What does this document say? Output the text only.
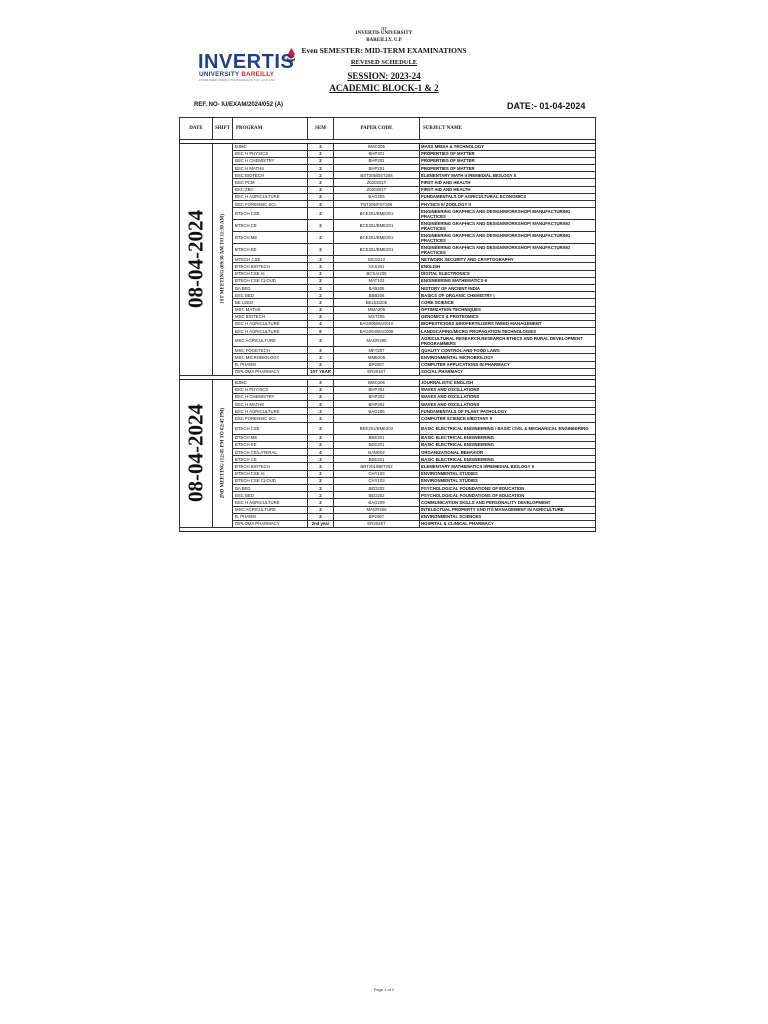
IIT
INVERTIS UNIVERSITY
BAREILLY, U.P
Even SEMESTER: MID-TERM EXAMINATIONS
REVISED SCHEDULE
SESSION: 2023-24
ACADEMIC BLOCK-1 & 2
INVERTIS
UNIVERSITY BAREILLY
ESTABLISHED UNDER UTTAR PRADESH ACT NO. 16 OF 2010
REF. NO- IU/EXAM/2024/052 (A)	DATE:- 01-04-2024
DATE	SHIFT	PROGRAM	SEM	PAPER CODE	SUBJECT NAME

08-04-2024	1ST MEETING (09:30 AM TO 11:30 AM)	BJMC	2	BMC205	MASS MEDIA & TECHNOLOGY
		BSC H PHYSICS	2	BHP201	PROPERTIES OF MATTER
		BSC H CHEMISTRY	2	BHP201	PROPERTIES OF MATTER
		BSC H MATHS	2	BHP201	PROPERTIES OF MATTER
		BSC BIOTECH	2	BST205/BST206	ELEMENTARY MATH II /REMEDIAL BIOLOGY II
		BSC PCM	2	Z020201T	FIRST AID AND HEALTH
		BSC ZBC	2	Z020201T	FIRST AID AND HEALTH
		BSC H AGRICULTURE	2	BAG205	FUNDAMENTALS OF AGRICULTURAL ECONOMICS
		BSC FORENSIC SCI.	2	FST205/FST206	PHYSICS II/ ZOOLOGY II
		BTECH CSE	2	BCE201/BME201	ENGINEERING GRAPHICS AND DESIGN/WORKSHOP/ MANUFACTURING PRACTICES
		BTECH CE	2	BCE201/BME201	ENGINEERING GRAPHICS AND DESIGN/WORKSHOP/ MANUFACTURING PRACTICES
		BTECH ME	2	BCE201/BME201	ENGINEERING GRAPHICS AND DESIGN/WORKSHOP/ MANUFACTURING PRACTICES
		BTECH EE	2	BCE201/BME201	ENGINEERING GRAPHICS AND DESIGN/WORKSHOP/ MANUFACTURING PRACTICES
		MTECH CSE	2	MCS213	NETWORK SECURITY AND CRYPTOGRAPHY
		BTECH BIOTECH	2	HAS201	ENGLISH
		BTECH CSE AI	2	BCSAI205	DIGITAL ELECTRONICS
		BTECH CSE CLOUD	2	MAT103	ENGINEERING MATHEMATICS-II
		BA BED	2	BAB205	HISTORY OF ANCIENT INDIA
		BSC BED	2	BBB206	BASICS OF ORGANIC CHEMISTRY I
		BE LEED	2	BELED205	CORE SCIENCE
		MSC MATHS	2	MMA205	OPTIMIZATION TECHNIQUES
		MSC BIOTECH	2	MST205	GENOMICS & PROTEOMICS
		BSC H AGRICULTURE	4	BAG006/BAG010	BIOPESTICIDES &BIOFERTILIZERS /WEED MANAGEMENT
		BSC H AGRICULTURE	6	BAG004/BAG008	LANDSCAPING/MICRO PROPAGATION TECHNOLOGIES
		MSC AGRICULTURE	2	MAGR205	AGRICULTURAL RESEARCH,RESEARCH ETHICS AND RURAL DEVELOPMENT PROGRAMMERS
		MSC FOODTECH	2	MFT207	QUALITY CONTROL AND FOOD LAWS
		MSC MICROBIOLOGY	2	MMB205	ENVIRONMENTAL MICROBIOLOGY
		B. PHARM	2	BP205T	COMPUTER APPLICATIONS IN PHARMACY
		DIPLOMA PHARMACY	1ST YEAR	ER2015T	SOCIAL PHARMACY

08-04-2024	2ND MEETING (12:45 PM TO 02:45 PM)	BJMC	2	BMC206	JOURNALISTIC ENGLISH
		BSC H PHYSICS	2	BHP202	WAVES AND OSCILLATIONS
		BSC H CHEMISTRY	2	BHP202	WAVES AND OSCILLATIONS
		BSC H MATHS	2	BHP202	WAVES AND OSCILLATIONS
		BSC H AGRICULTURE	2	BAG206	FUNDAMENTALS OF PLANT PATHOLOGY
		BSC FORENSIC SCI.	2		COMPUTER SCIENCE II/BOTANY II
		BTECH CSE	2	BEE201/BME202	BASIC ELECTRICAL ENGINEERING / BASIC CIVIL & MECHANICAL ENGINEERING
		BTECH ME	2	BEE201	BASIC ELECTRICAL ENGINEERING
		BTECH EE	2	BEE201	BASIC ELECTRICAL ENGINEERING
		BTECH CE/LATERAL	4	BAM002	ORGANIZATIONAL BEHAVIOR
		BTECH CE	2	BEE201	BASIC ELECTRICAL ENGINEERING
		BTECH BIOTECH	2	BBT201/BBT202	ELEMENTARY MATHEMATICS II/REMEDIAL BIOLOGY II
		BTECH CSE AI	2	CHY103	ENVIRONMENTAL STUDIES
		BTECH CSE CLOUD	2	CHY103	ENVIRONMENTAL STUDIES
		BA BED	2	BED202	PSYCHOLOGICAL FOUNDATIONS OF EDUCATION
		BSC BED	2	BED202	PSYCHOLOGICAL FOUNDATIONS OF EDUCATION
		BSC H AGRICULTURE	2	BAG209	COMMUNICATION SKILLS AND PERSONALITY DEVELOPMENT
		MSC AGRICULTURE	2	MAGR206	INTELECTUAL PROPERTY AND ITS MANAGEMENT IN AGRICULTURE
		B. PHARM	2	BP206T	ENVIRONMENTAL SCIENCES
		DIPLOMA PHARMACY	2nd year	ER2025T	HOSPITAL & CLINICAL PHARMACY

Page 1 of 2
